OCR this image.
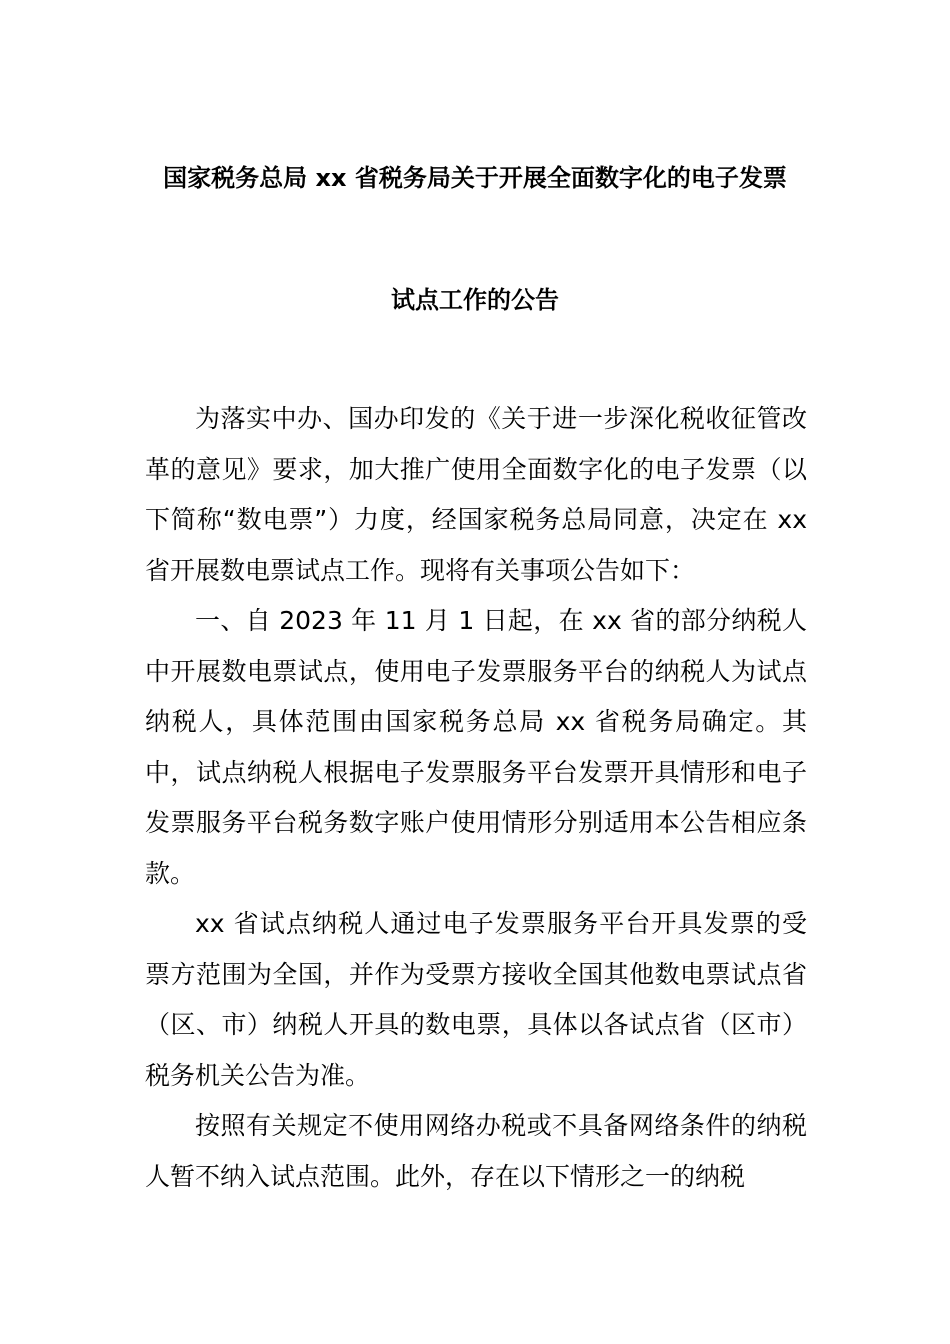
国家税务总局 xx 省税务局关于开展全面数字化的电子发票
试点工作的公告

为落实中办、国办印发的《关于进一步深化税收征管改革的意见》要求，加大推广使用全面数字化的电子发票（以下简称“数电票”）力度，经国家税务总局同意，决定在 xx 省开展数电票试点工作。现将有关事项公告如下：

一、自 2023 年 11 月 1 日起，在 xx 省的部分纳税人中开展数电票试点，使用电子发票服务平台的纳税人为试点纳税人，具体范围由国家税务总局 xx 省税务局确定。其中，试点纳税人根据电子发票服务平台发票开具情形和电子发票服务平台税务数字账户使用情形分别适用本公告相应条款。

xx 省试点纳税人通过电子发票服务平台开具发票的受票方范围为全国，并作为受票方接收全国其他数电票试点省（区、市）纳税人开具的数电票，具体以各试点省（区市）税务机关公告为准。

按照有关规定不使用网络办税或不具备网络条件的纳税人暂不纳入试点范围。此外，存在以下情形之一的纳税
